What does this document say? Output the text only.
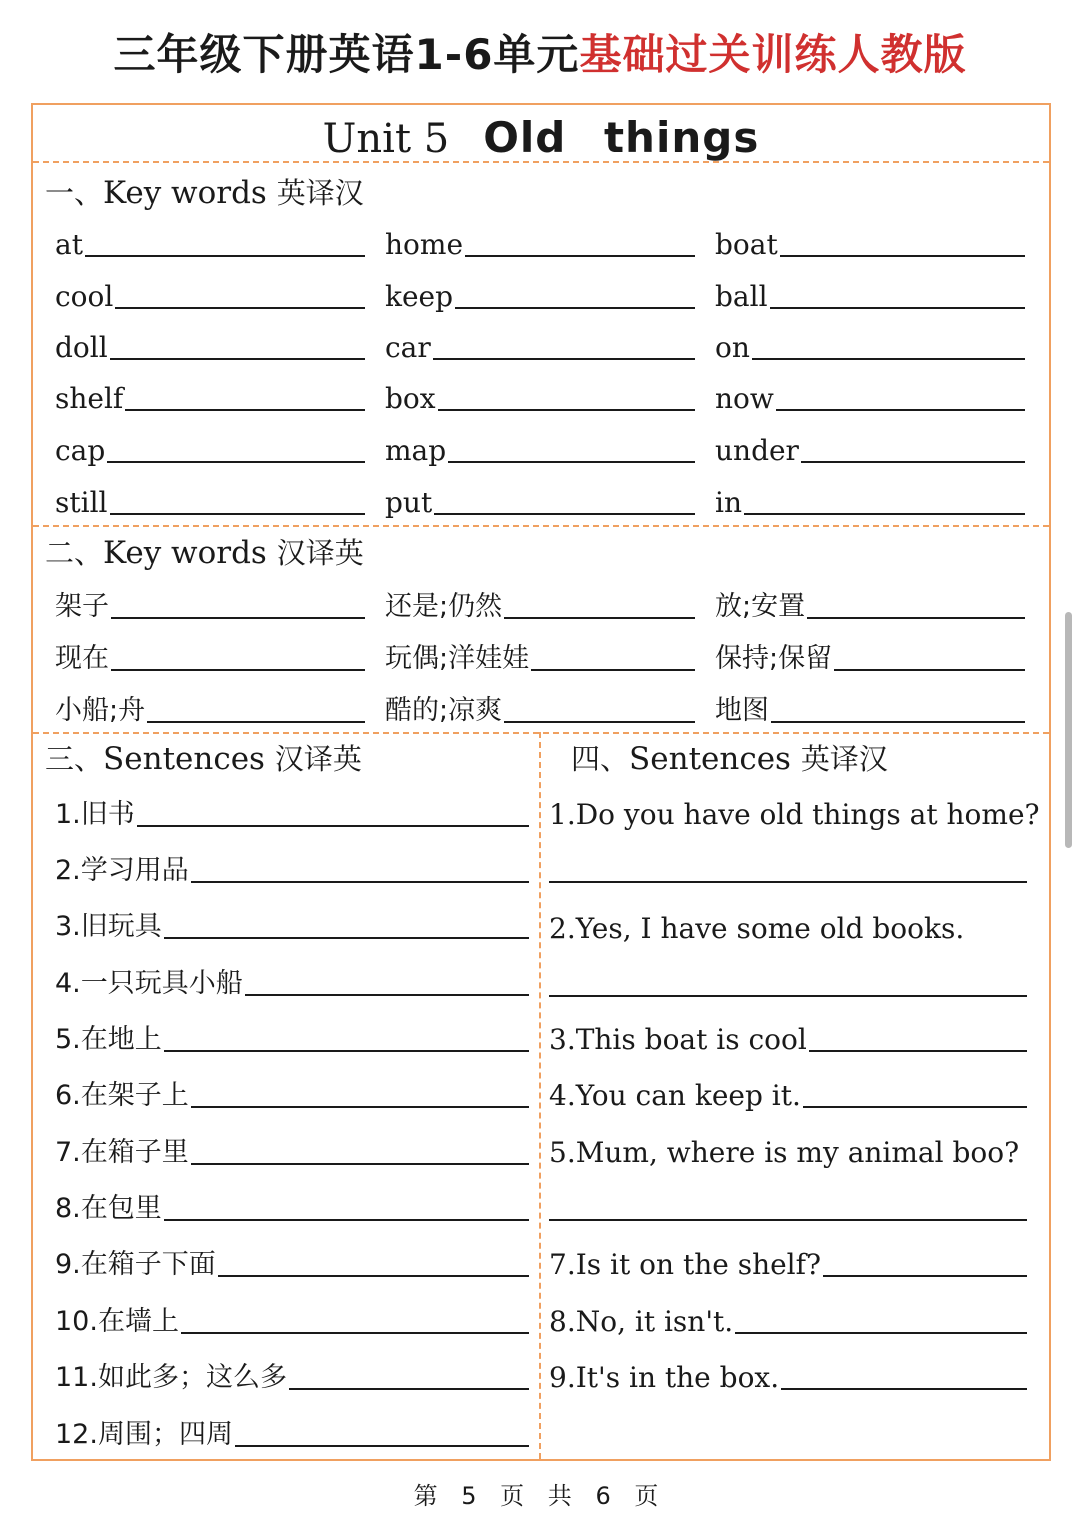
三年级下册英语1-6单元基础过关训练人教版
Unit 5 Old things
一、Key words 英译汉
at	home	boat
cool	keep	ball
doll	car	on
shelf	box	now
cap	map	under
still	put	in
二、Key words 汉译英
架子	还是;仍然	放;安置
现在	玩偶;洋娃娃	保持;保留
小船;舟	酷的;凉爽	地图
三、Sentences 汉译英
1.旧书
2.学习用品
3.旧玩具
4.一只玩具小船
5.在地上
6.在架子上
7.在箱子里
8.在包里
9.在箱子下面
10.在墙上
11.如此多；这么多
12.周围；四周
四、Sentences 英译汉
1.Do you have old things at home?
2.Yes, I have some old books.
3.This boat is cool
4.You can keep it.
5.Mum, where is my animal boo?
7.Is it on the shelf?
8.No, it isn't.
9.It's in the box.
第 5 页 共 6 页
